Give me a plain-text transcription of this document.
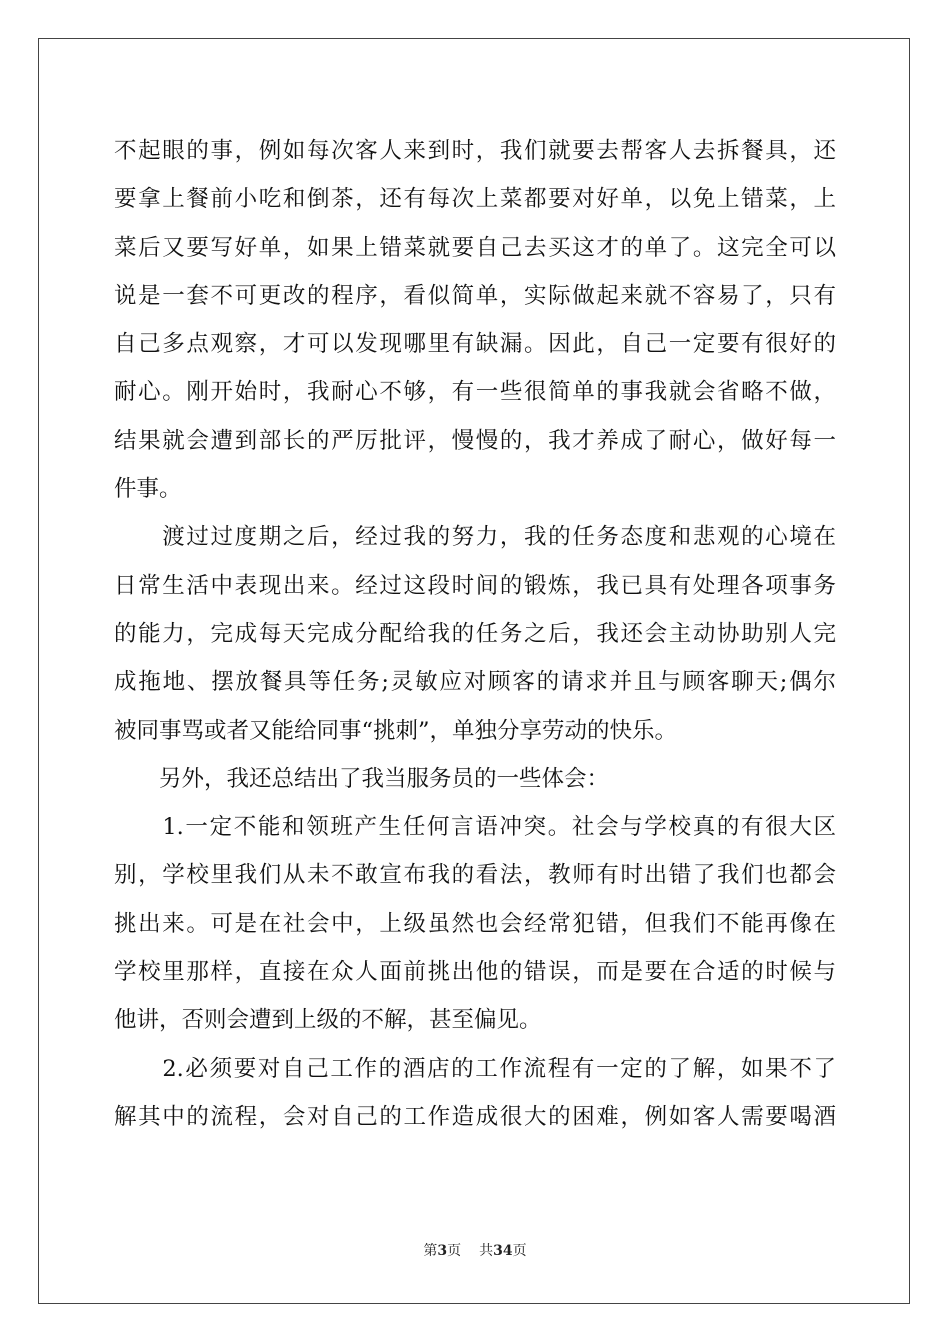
不起眼的事，例如每次客人来到时，我们就要去帮客人去拆餐具，还
要拿上餐前小吃和倒茶，还有每次上菜都要对好单，以免上错菜，上
菜后又要写好单，如果上错菜就要自己去买这才的单了。这完全可以
说是一套不可更改的程序，看似简单，实际做起来就不容易了，只有
自己多点观察，才可以发现哪里有缺漏。因此，自己一定要有很好的
耐心。刚开始时，我耐心不够，有一些很简单的事我就会省略不做，
结果就会遭到部长的严厉批评，慢慢的，我才养成了耐心，做好每一
件事。
　　渡过过度期之后，经过我的努力，我的任务态度和悲观的心境在
日常生活中表现出来。经过这段时间的锻炼，我已具有处理各项事务
的能力，完成每天完成分配给我的任务之后，我还会主动协助别人完
成拖地、摆放餐具等任务;灵敏应对顾客的请求并且与顾客聊天;偶尔
被同事骂或者又能给同事“挑刺”，单独分享劳动的快乐。
　　另外，我还总结出了我当服务员的一些体会：
　　1.一定不能和领班产生任何言语冲突。社会与学校真的有很大区
别，学校里我们从未不敢宣布我的看法，教师有时出错了我们也都会
挑出来。可是在社会中，上级虽然也会经常犯错，但我们不能再像在
学校里那样，直接在众人面前挑出他的错误，而是要在合适的时候与
他讲，否则会遭到上级的不解，甚至偏见。
　　2.必须要对自己工作的酒店的工作流程有一定的了解，如果不了
解其中的流程，会对自己的工作造成很大的困难，例如客人需要喝酒
第3页 共34页
